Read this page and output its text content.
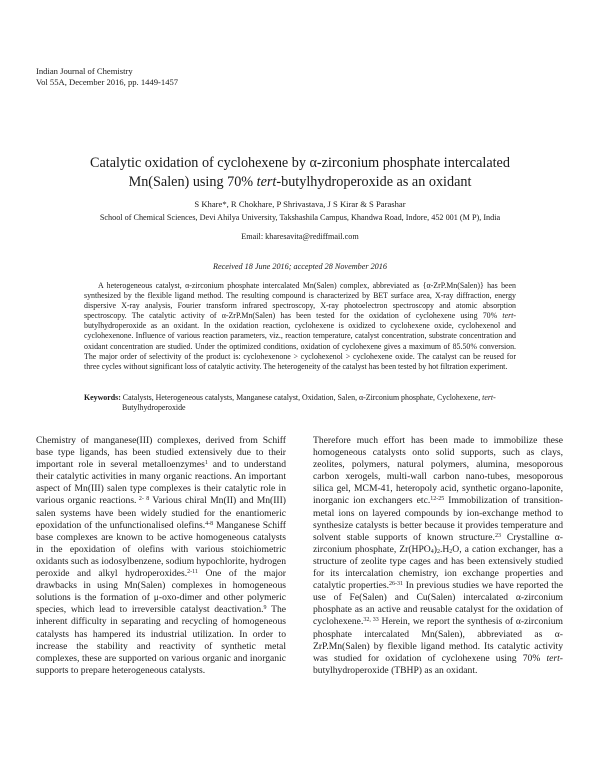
Indian Journal of Chemistry
Vol 55A, December 2016, pp. 1449-1457
Catalytic oxidation of cyclohexene by α-zirconium phosphate intercalated
Mn(Salen) using 70% tert-butylhydroperoxide as an oxidant
S Khare*, R Chokhare, P Shrivastava, J S Kirar & S Parashar
School of Chemical Sciences, Devi Ahilya University, Takshashila Campus, Khandwa Road, Indore, 452 001 (M P), India
Email: kharesavita@rediffmail.com
Received 18 June 2016; accepted 28 November 2016

A heterogeneous catalyst, α-zirconium phosphate intercalated Mn(Salen) complex, abbreviated as {α-ZrP.Mn(Salen)} has been synthesized by the flexible ligand method. The resulting compound is characterized by BET surface area, X-ray diffraction, energy dispersive X-ray analysis, Fourier transform infrared spectroscopy, X-ray photoelectron spectroscopy and atomic absorption spectroscopy. The catalytic activity of α-ZrP.Mn(Salen) has been tested for the oxidation of cyclohexene using 70% tert-butylhydroperoxide as an oxidant. In the oxidation reaction, cyclohexene is oxidized to cyclohexene oxide, cyclohexenol and cyclohexenone. Influence of various reaction parameters, viz., reaction temperature, catalyst concentration, substrate concentration and oxidant concentration are studied. Under the optimized conditions, oxidation of cyclohexene gives a maximum of 85.50% conversion. The major order of selectivity of the product is: cyclohexenone > cyclohexenol > cyclohexene oxide. The catalyst can be reused for three cycles without significant loss of catalytic activity. The heterogeneity of the catalyst has been tested by hot filtration experiment.

Keywords: Catalysts, Heterogeneous catalysts, Manganese catalyst, Oxidation, Salen, α-Zirconium phosphate, Cyclohexene, tert-Butylhydroperoxide

Chemistry of manganese(III) complexes, derived from Schiff base type ligands, has been studied extensively due to their important role in several metalloenzymes$^1$ and to understand their catalytic activities in many organic reactions. An important aspect of Mn(III) salen type complexes is their catalytic role in various organic reactions. $^{2- 8}$ Various chiral Mn(II) and Mn(III) salen systems have been widely studied for the enantiomeric epoxidation of the unfunctionalised olefins.$^{4-8}$ Manganese Schiff base complexes are known to be active homogeneous catalysts in the epoxidation of olefins with various stoichiometric oxidants such as iodosylbenzene, sodium hypochlorite, hydrogen peroxide and alkyl hydroperoxides.$^{2-11}$ One of the major drawbacks in using Mn(Salen) complexes in homogeneous solutions is the formation of μ-oxo-dimer and other polymeric species, which lead to irreversible catalyst deactivation.$^9$ The inherent difficulty in separating and recycling of homogeneous catalysts has hampered its industrial utilization. In order to increase the stability and reactivity of synthetic metal complexes, these are supported on various organic and inorganic supports to prepare heterogeneous catalysts.

Therefore much effort has been made to immobilize these homogeneous catalysts onto solid supports, such as clays, zeolites, polymers, natural polymers, alumina, mesoporous carbon xerogels, multi-wall carbon nano-tubes, mesoporous silica gel, MCM-41, heteropoly acid, synthetic organo-laponite, inorganic ion exchangers etc.$^{12-25}$ Immobilization of transition-metal ions on layered compounds by ion-exchange method to synthesize catalysts is better because it provides temperature and solvent stable supports of known structure.$^{23}$ Crystalline α-zirconium phosphate, $Zr(HPO_4)_2.H_2O$, a cation exchanger, has a structure of zeolite type cages and has been extensively studied for its intercalation chemistry, ion exchange properties and catalytic properties.$^{26-31}$ In previous studies we have reported the use of Fe(Salen) and Cu(Salen) intercalated α-zirconium phosphate as an active and reusable catalyst for the oxidation of cyclohexene.$^{32, 33}$ Herein, we report the synthesis of α-zirconium phosphate intercalated Mn(Salen), abbreviated as α-ZrP.Mn(Salen) by flexible ligand method. Its catalytic activity was studied for oxidation of cyclohexene using 70% tert-butylhydroperoxide (TBHP) as an oxidant.
